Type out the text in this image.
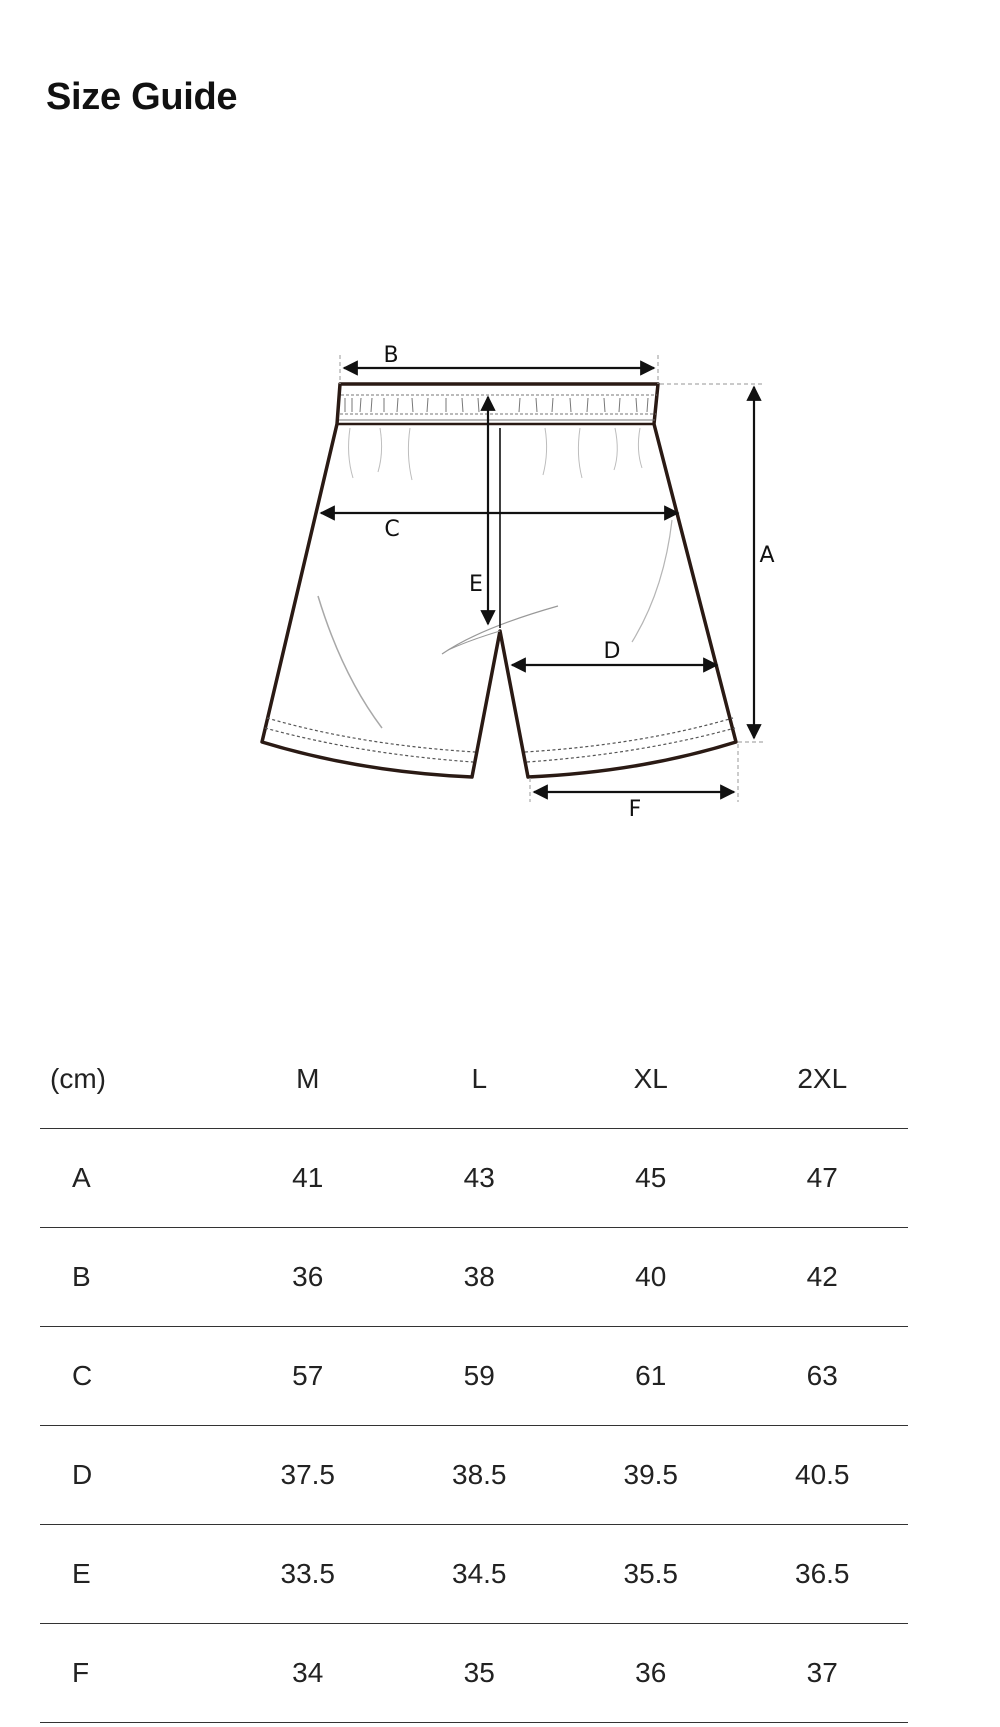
Size Guide
A
B
C
D
E
F
(cm)	M	L	XL	2XL
A	41	43	45	47
B	36	38	40	42
C	57	59	61	63
D	37.5	38.5	39.5	40.5
E	33.5	34.5	35.5	36.5
F	34	35	36	37
